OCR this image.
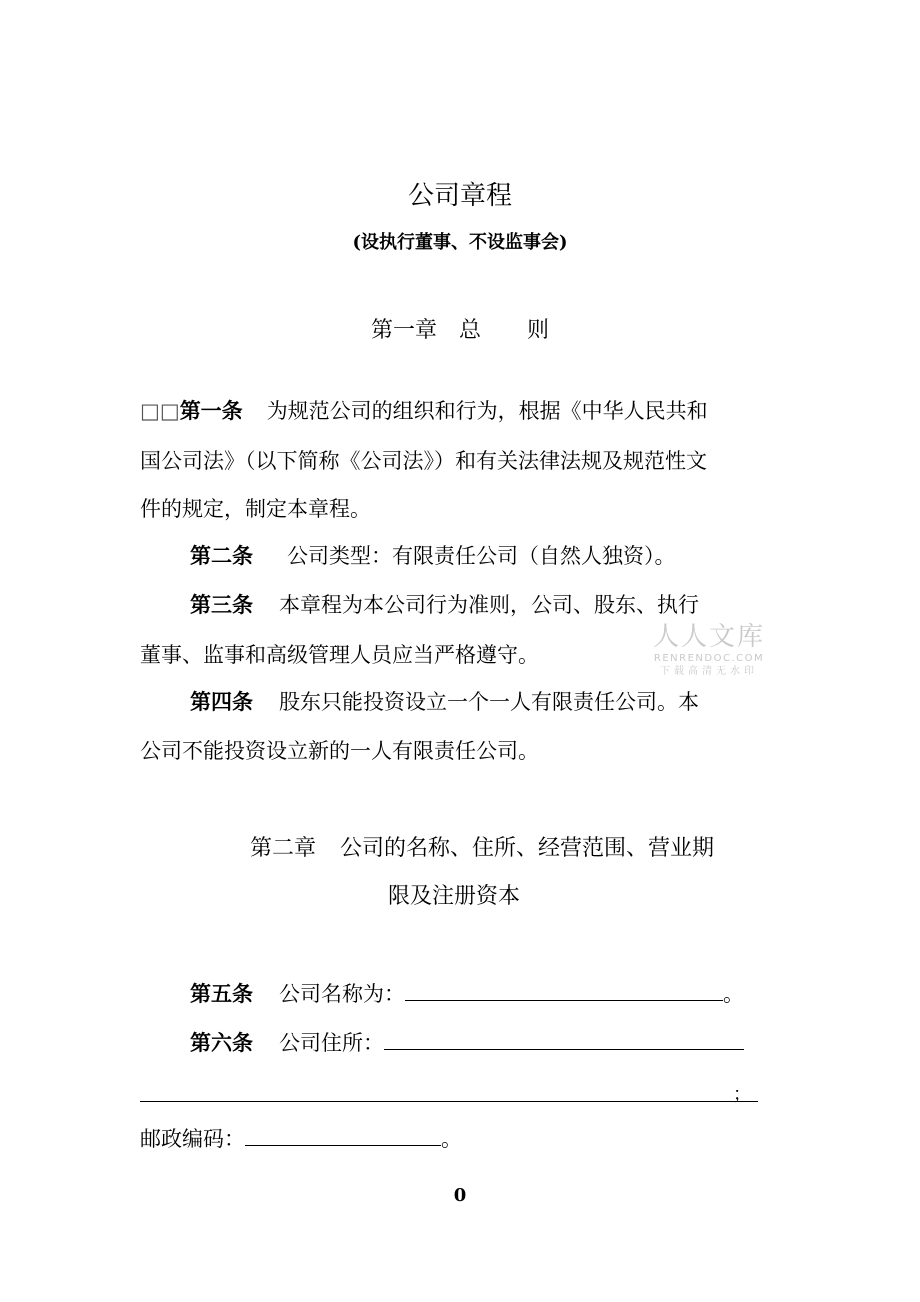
公司章程
(设执行董事、不设监事会)
第一章 总 则
□□第一条 为规范公司的组织和行为，根据《中华人民共和
国公司法》（以下简称《公司法》）和有关法律法规及规范性文
件的规定，制定本章程。
第二条 公司类型：有限责任公司（自然人独资）。
第三条 本章程为本公司行为准则，公司、股东、执行
董事、监事和高级管理人员应当严格遵守。
第四条 股东只能投资设立一个一人有限责任公司。本
公司不能投资设立新的一人有限责任公司。
人人文库
RENRENDOC.COM
下载高清无水印
第二章 公司的名称、住所、经营范围、营业期
限及注册资本
第五条 公司名称为：	。
第六条 公司住所：
；
邮政编码：	。
0
